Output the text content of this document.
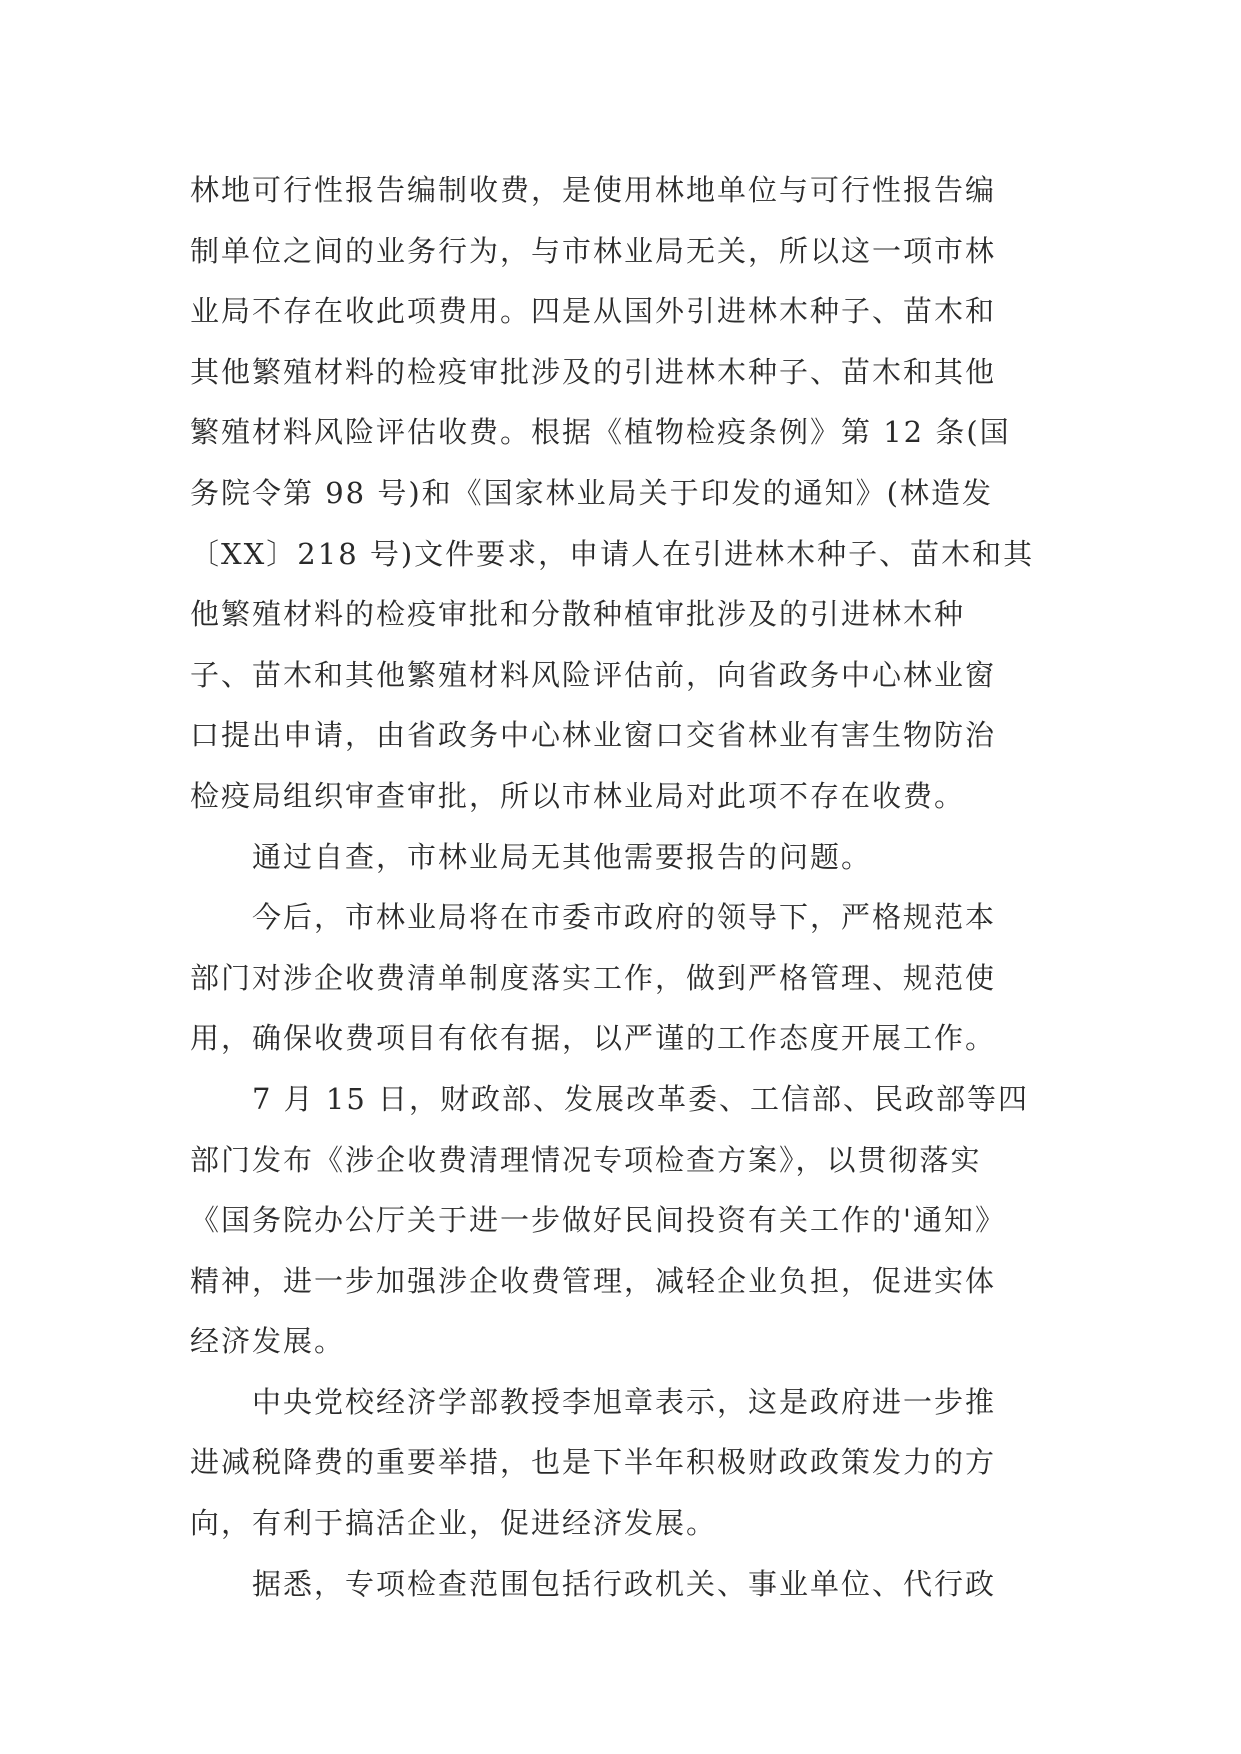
林地可行性报告编制收费，是使用林地单位与可行性报告编
制单位之间的业务行为，与市林业局无关，所以这一项市林
业局不存在收此项费用。四是从国外引进林木种子、苗木和
其他繁殖材料的检疫审批涉及的引进林木种子、苗木和其他
繁殖材料风险评估收费。根据《植物检疫条例》第 12 条(国
务院令第 98 号)和《国家林业局关于印发的通知》(林造发
〔XX〕218 号)文件要求，申请人在引进林木种子、苗木和其
他繁殖材料的检疫审批和分散种植审批涉及的引进林木种
子、苗木和其他繁殖材料风险评估前，向省政务中心林业窗
口提出申请，由省政务中心林业窗口交省林业有害生物防治
检疫局组织审查审批，所以市林业局对此项不存在收费。
通过自查，市林业局无其他需要报告的问题。
今后，市林业局将在市委市政府的领导下，严格规范本
部门对涉企收费清单制度落实工作，做到严格管理、规范使
用，确保收费项目有依有据，以严谨的工作态度开展工作。
7 月 15 日，财政部、发展改革委、工信部、民政部等四
部门发布《涉企收费清理情况专项检查方案》，以贯彻落实
《国务院办公厅关于进一步做好民间投资有关工作的'通知》
精神，进一步加强涉企收费管理，减轻企业负担，促进实体
经济发展。
中央党校经济学部教授李旭章表示，这是政府进一步推
进减税降费的重要举措，也是下半年积极财政政策发力的方
向，有利于搞活企业，促进经济发展。
据悉，专项检查范围包括行政机关、事业单位、代行政
